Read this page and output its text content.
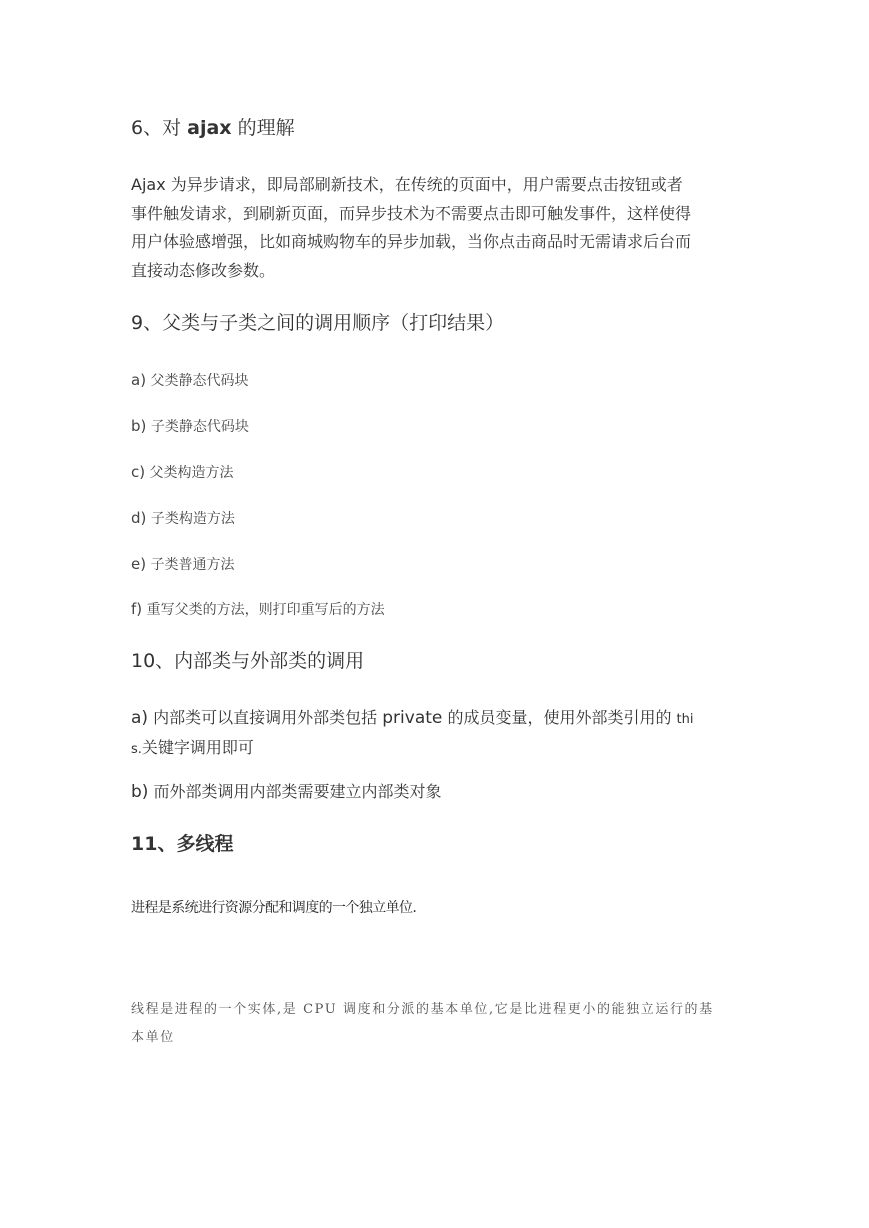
6、对 ajax 的理解
Ajax 为异步请求，即局部刷新技术，在传统的页面中，用户需要点击按钮或者
事件触发请求，到刷新页面，而异步技术为不需要点击即可触发事件，这样使得
用户体验感增强，比如商城购物车的异步加载，当你点击商品时无需请求后台而
直接动态修改参数。
9、父类与子类之间的调用顺序（打印结果）
a) 父类静态代码块
b) 子类静态代码块
c) 父类构造方法
d) 子类构造方法
e) 子类普通方法
f) 重写父类的方法，则打印重写后的方法
10、内部类与外部类的调用
a) 内部类可以直接调用外部类包括 private 的成员变量，使用外部类引用的 thi
s.关键字调用即可
b) 而外部类调用内部类需要建立内部类对象
11、多线程
进程是系统进行资源分配和调度的一个独立单位.
线程是进程的一个实体,是 CPU 调度和分派的基本单位,它是比进程更小的能独立运行的基
本单位
